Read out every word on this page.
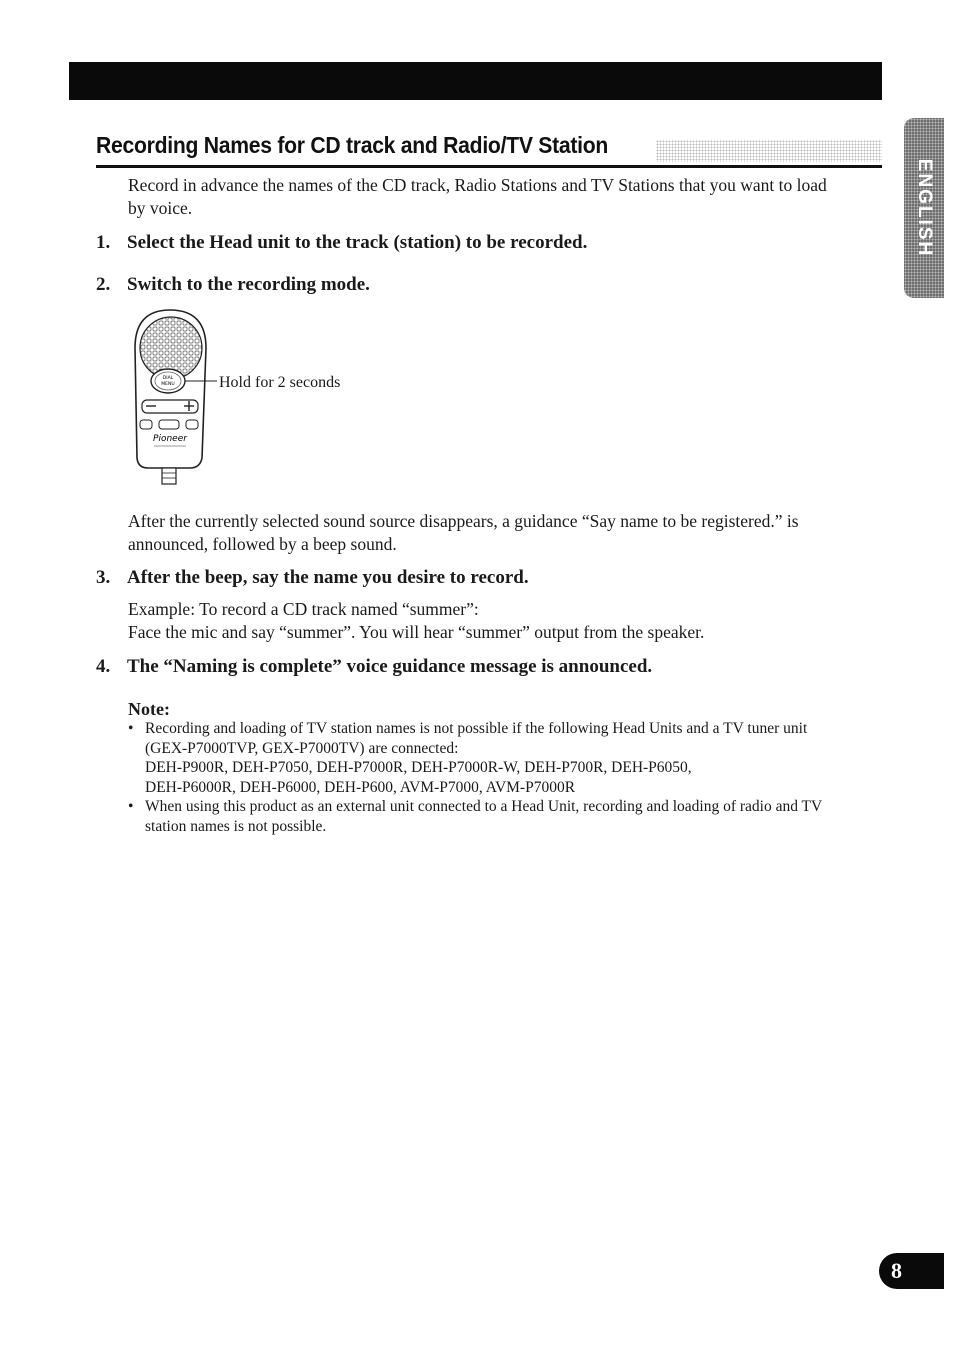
Recording Names for CD track and Radio/TV Station
ENGLISH

Record in advance the names of the CD track, Radio Stations and TV Stations that you want to load by voice.

1. Select the Head unit to the track (station) to be recorded.
2. Switch to the recording mode.
DIAL
MENU
Pioneer
Hold for 2 seconds

After the currently selected sound source disappears, a guidance “Say name to be registered.” is announced, followed by a beep sound.

3. After the beep, say the name you desire to record.

Example: To record a CD track named “summer”:

Face the mic and say “summer”. You will hear “summer” output from the speaker.

4. The “Naming is complete” voice guidance message is announced.
Note:
• Recording and loading of TV station names is not possible if the following Head Units and a TV tuner unit (GEX-P7000TVP, GEX-P7000TV) are connected:
DEH-P900R, DEH-P7050, DEH-P7000R, DEH-P7000R-W, DEH-P700R, DEH-P6050,
DEH-P6000R, DEH-P6000, DEH-P600, AVM-P7000, AVM-P7000R
• When using this product as an external unit connected to a Head Unit, recording and loading of radio and TV station names is not possible.
8
